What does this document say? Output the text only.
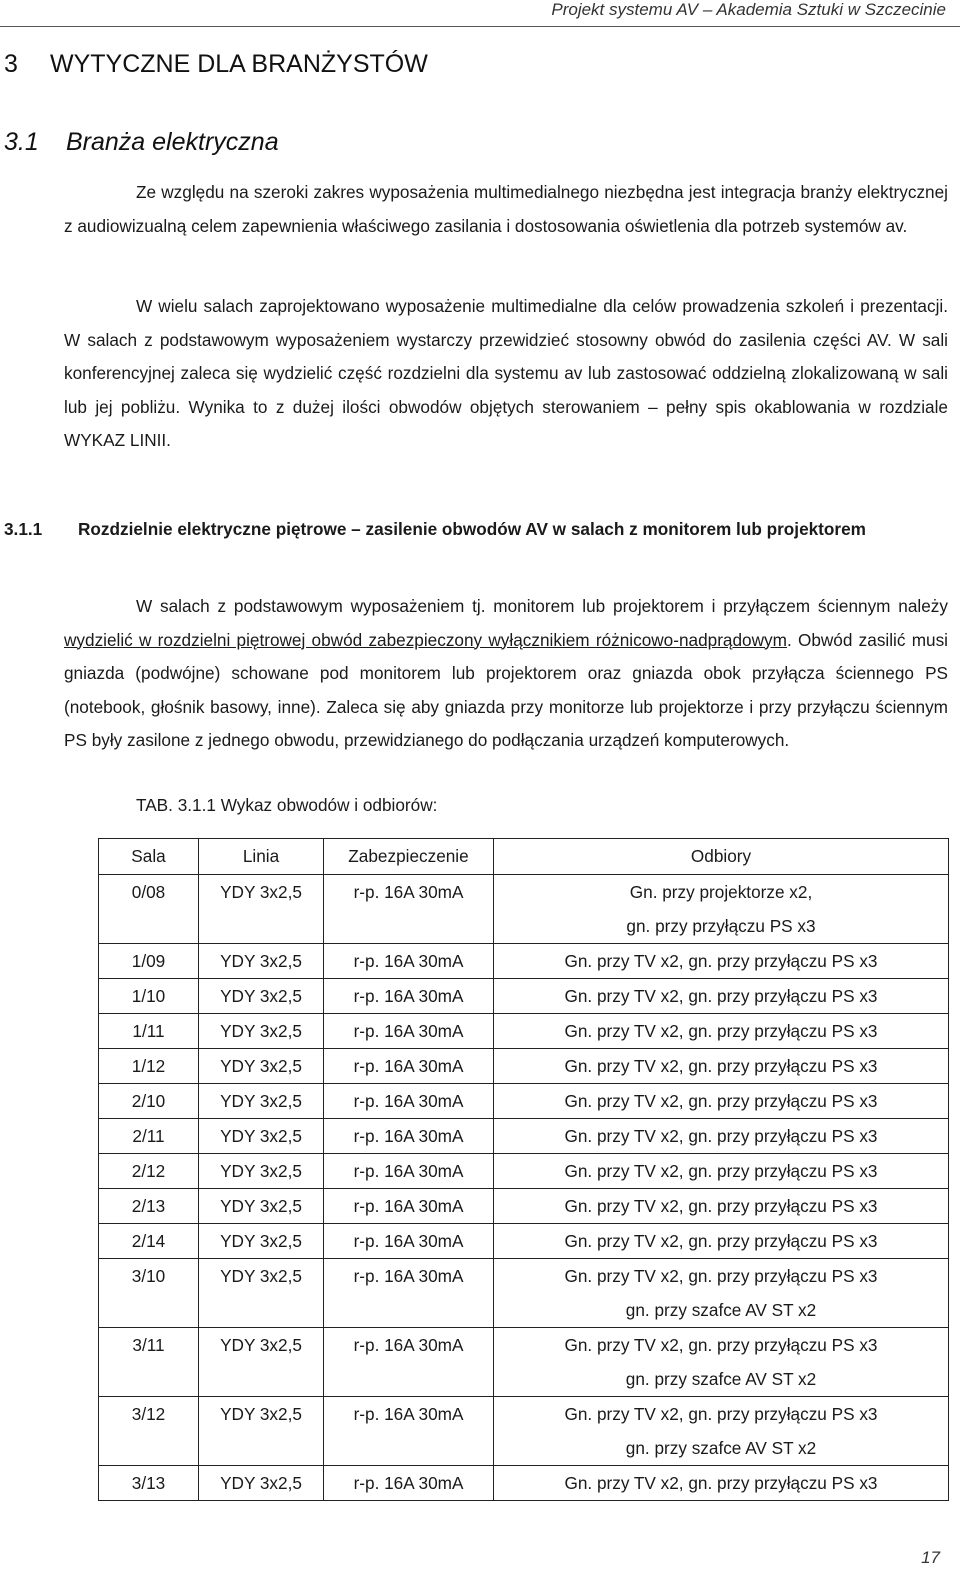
Projekt systemu AV – Akademia Sztuki w Szczecinie
3 WYTYCZNE DLA BRANŻYSTÓW
3.1 Branża elektryczna

Ze względu na szeroki zakres wyposażenia multimedialnego niezbędna jest integracja branży elektrycznej z audiowizualną celem zapewnienia właściwego zasilania i dostosowania oświetlenia dla potrzeb systemów av.

W wielu salach zaprojektowano wyposażenie multimedialne dla celów prowadzenia szkoleń i prezentacji. W salach z podstawowym wyposażeniem wystarczy przewidzieć stosowny obwód do zasilenia części AV. W sali konferencyjnej zaleca się wydzielić część rozdzielni dla systemu av lub zastosować oddzielną zlokalizowaną w sali lub jej pobliżu. Wynika to z dużej ilości obwodów objętych sterowaniem – pełny spis okablowania w rozdziale WYKAZ LINII.

3.1.1 Rozdzielnie elektryczne piętrowe – zasilenie obwodów AV w salach z monitorem lub projektorem

W salach z podstawowym wyposażeniem tj. monitorem lub projektorem i przyłączem ściennym należy wydzielić w rozdzielni piętrowej obwód zabezpieczony wyłącznikiem różnicowo-nadprądowym. Obwód zasilić musi gniazda (podwójne) schowane pod monitorem lub projektorem oraz gniazda obok przyłącza ściennego PS (notebook, głośnik basowy, inne). Zaleca się aby gniazda przy monitorze lub projektorze i przy przyłączu ściennym PS były zasilone z jednego obwodu, przewidzianego do podłączania urządzeń komputerowych.

TAB. 3.1.1 Wykaz obwodów i odbiorów:
Sala	Linia	Zabezpieczenie	Odbiory
0/08	YDY 3x2,5	r-p. 16A 30mA	Gn. przy projektorze x2,
gn. przy przyłączu PS x3

1/09	YDY 3x2,5	r-p. 16A 30mA	Gn. przy TV x2, gn. przy przyłączu PS x3

1/10	YDY 3x2,5	r-p. 16A 30mA	Gn. przy TV x2, gn. przy przyłączu PS x3

1/11	YDY 3x2,5	r-p. 16A 30mA	Gn. przy TV x2, gn. przy przyłączu PS x3

1/12	YDY 3x2,5	r-p. 16A 30mA	Gn. przy TV x2, gn. przy przyłączu PS x3

2/10	YDY 3x2,5	r-p. 16A 30mA	Gn. przy TV x2, gn. przy przyłączu PS x3

2/11	YDY 3x2,5	r-p. 16A 30mA	Gn. przy TV x2, gn. przy przyłączu PS x3

2/12	YDY 3x2,5	r-p. 16A 30mA	Gn. przy TV x2, gn. przy przyłączu PS x3

2/13	YDY 3x2,5	r-p. 16A 30mA	Gn. przy TV x2, gn. przy przyłączu PS x3

2/14	YDY 3x2,5	r-p. 16A 30mA	Gn. przy TV x2, gn. przy przyłączu PS x3

3/10	YDY 3x2,5	r-p. 16A 30mA	Gn. przy TV x2, gn. przy przyłączu PS x3
gn. przy szafce AV ST x2

3/11	YDY 3x2,5	r-p. 16A 30mA	Gn. przy TV x2, gn. przy przyłączu PS x3
gn. przy szafce AV ST x2

3/12	YDY 3x2,5	r-p. 16A 30mA	Gn. przy TV x2, gn. przy przyłączu PS x3
gn. przy szafce AV ST x2

3/13	YDY 3x2,5	r-p. 16A 30mA	Gn. przy TV x2, gn. przy przyłączu PS x3
17
